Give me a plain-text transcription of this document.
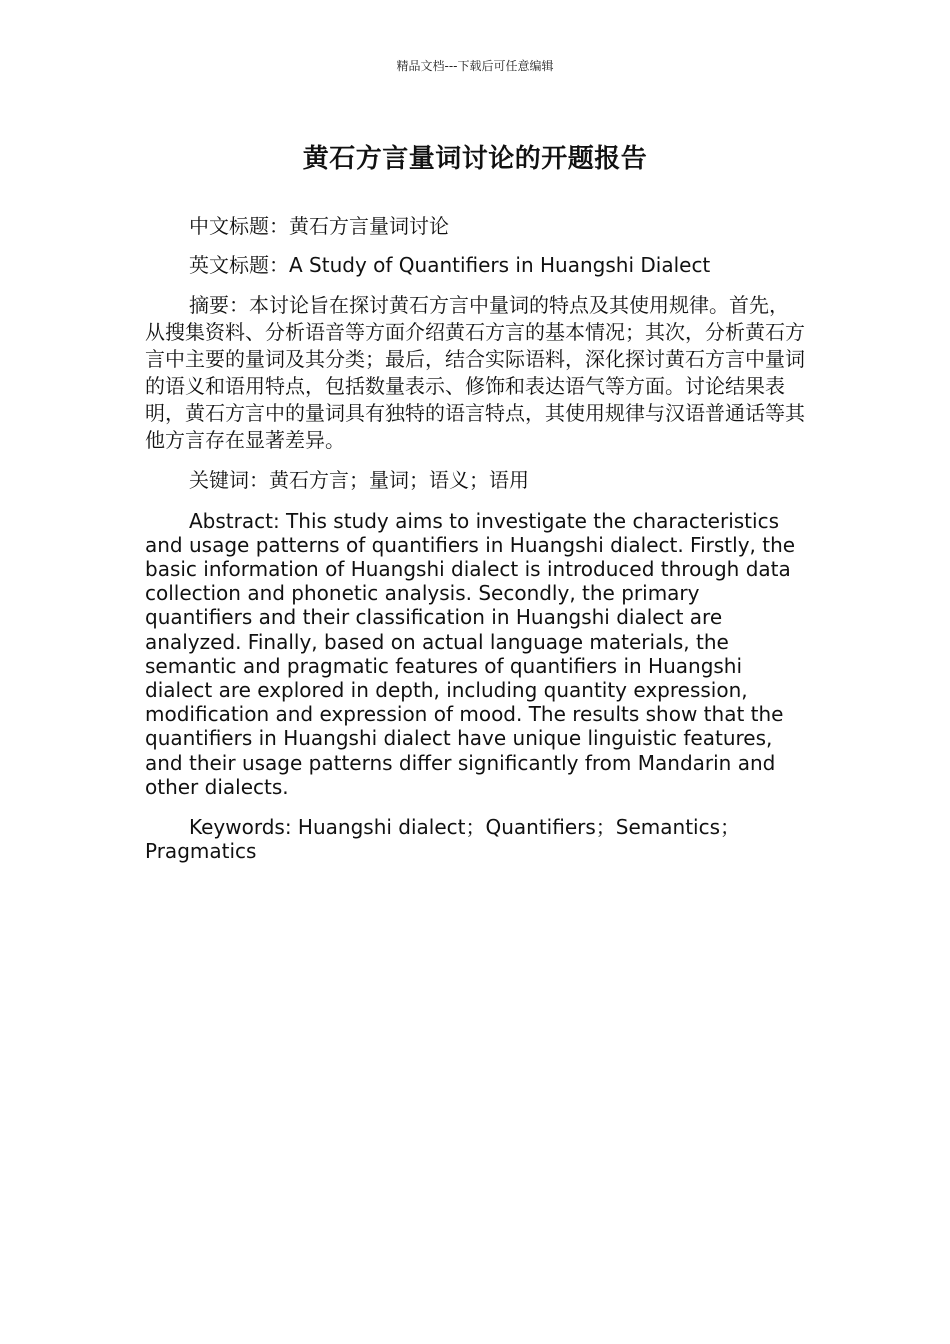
精品文档---下载后可任意编辑
黄石方言量词讨论的开题报告

中文标题：黄石方言量词讨论

英文标题：A Study of Quantifiers in Huangshi Dialect

摘要：本讨论旨在探讨黄石方言中量词的特点及其使用规律。首先，从搜集资料、分析语音等方面介绍黄石方言的基本情况；其次，分析黄石方言中主要的量词及其分类；最后，结合实际语料，深化探讨黄石方言中量词的语义和语用特点，包括数量表示、修饰和表达语气等方面。讨论结果表明，黄石方言中的量词具有独特的语言特点，其使用规律与汉语普通话等其他方言存在显著差异。

关键词：黄石方言；量词；语义；语用

Abstract: This study aims to investigate the characteristics and usage patterns of quantifiers in Huangshi dialect. Firstly, the basic information of Huangshi dialect is introduced through data collection and phonetic analysis. Secondly, the primary quantifiers and their classification in Huangshi dialect are analyzed. Finally, based on actual language materials, the semantic and pragmatic features of quantifiers in Huangshi dialect are explored in depth, including quantity expression, modification and expression of mood. The results show that the quantifiers in Huangshi dialect have unique linguistic features, and their usage patterns differ significantly from Mandarin and other dialects.

Keywords: Huangshi dialect；Quantifiers；Semantics；Pragmatics
